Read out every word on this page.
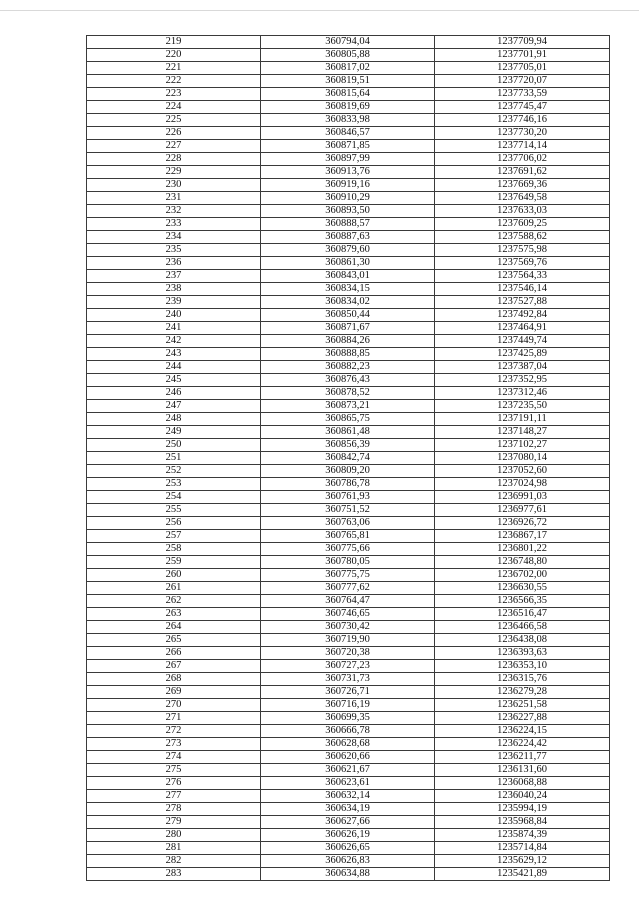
219	360794,04	1237709,94
220	360805,88	1237701,91
221	360817,02	1237705,01
222	360819,51	1237720,07
223	360815,64	1237733,59
224	360819,69	1237745,47
225	360833,98	1237746,16
226	360846,57	1237730,20
227	360871,85	1237714,14
228	360897,99	1237706,02
229	360913,76	1237691,62
230	360919,16	1237669,36
231	360910,29	1237649,58
232	360893,50	1237633,03
233	360888,57	1237609,25
234	360887,63	1237588,62
235	360879,60	1237575,98
236	360861,30	1237569,76
237	360843,01	1237564,33
238	360834,15	1237546,14
239	360834,02	1237527,88
240	360850,44	1237492,84
241	360871,67	1237464,91
242	360884,26	1237449,74
243	360888,85	1237425,89
244	360882,23	1237387,04
245	360876,43	1237352,95
246	360878,52	1237312,46
247	360873,21	1237235,50
248	360865,75	1237191,11
249	360861,48	1237148,27
250	360856,39	1237102,27
251	360842,74	1237080,14
252	360809,20	1237052,60
253	360786,78	1237024,98
254	360761,93	1236991,03
255	360751,52	1236977,61
256	360763,06	1236926,72
257	360765,81	1236867,17
258	360775,66	1236801,22
259	360780,05	1236748,80
260	360775,75	1236702,00
261	360777,62	1236630,55
262	360764,47	1236566,35
263	360746,65	1236516,47
264	360730,42	1236466,58
265	360719,90	1236438,08
266	360720,38	1236393,63
267	360727,23	1236353,10
268	360731,73	1236315,76
269	360726,71	1236279,28
270	360716,19	1236251,58
271	360699,35	1236227,88
272	360666,78	1236224,15
273	360628,68	1236224,42
274	360620,66	1236211,77
275	360621,67	1236131,60
276	360623,61	1236068,88
277	360632,14	1236040,24
278	360634,19	1235994,19
279	360627,66	1235968,84
280	360626,19	1235874,39
281	360626,65	1235714,84
282	360626,83	1235629,12
283	360634,88	1235421,89
